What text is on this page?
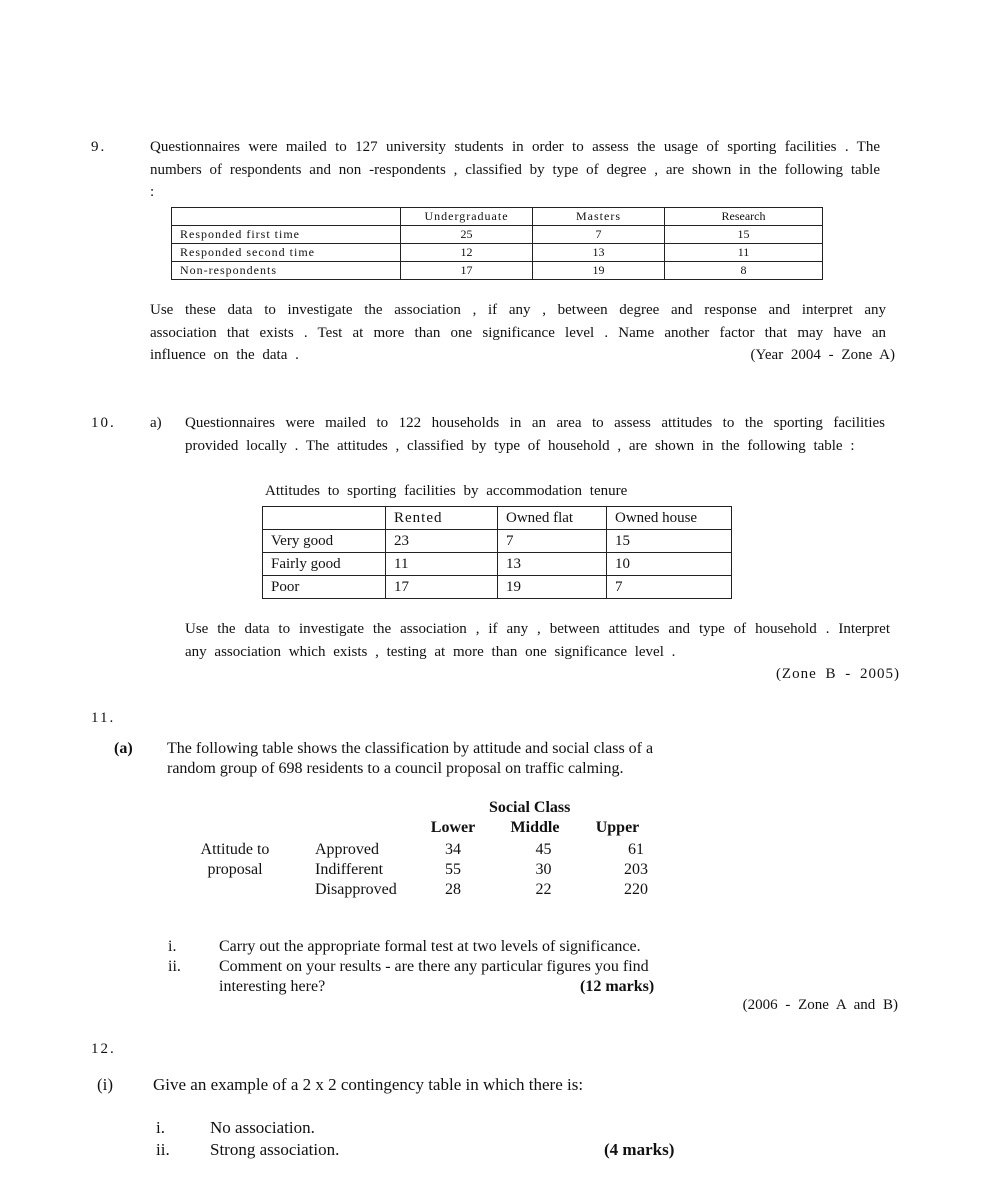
9.	Questionnaires were mailed to 127 university students in order to assess the usage of sporting facilities . The numbers of respondents and non -respondents , classified by type of degree , are shown in the following table :
	Undergraduate	Masters	Research
Responded first time	25	7	15
Responded second time	12	13	11
Non-respondents	17	19	8
Use these data to investigate the association , if any , between degree and response and interpret any association that exists . Test at more than one significance level . Name another factor that may have an influence on the data .	(Year 2004 - Zone A)
10. a) Questionnaires were mailed to 122 households in an area to assess attitudes to the sporting facilities provided locally . The attitudes , classified by type of household , are shown in the following table :
Attitudes to sporting facilities by accommodation tenure
	Rented	Owned flat	Owned house
Very good	23	7	15
Fairly good	11	13	10
Poor	17	19	7
Use the data to investigate the association , if any , between attitudes and type of household . Interpret any association which exists , testing at more than one significance level .
(Zone B - 2005)
11.
(a) The following table shows the classification by attitude and social class of a
random group of 698 residents to a council proposal on traffic calming.
Social Class
Lower	Middle	Upper
Attitude to
proposal
Approved	34	45	61
Indifferent	55	30	203
Disapproved	28	22	220
i.	Carry out the appropriate formal test at two levels of significance.
ii. Comment on your results - are there any particular figures you find
interesting here?	(12 marks)
(2006 - Zone A and B)
12.
(i) Give an example of a 2 x 2 contingency table in which there is:
i.	No association.
ii. Strong association.	(4 marks)
